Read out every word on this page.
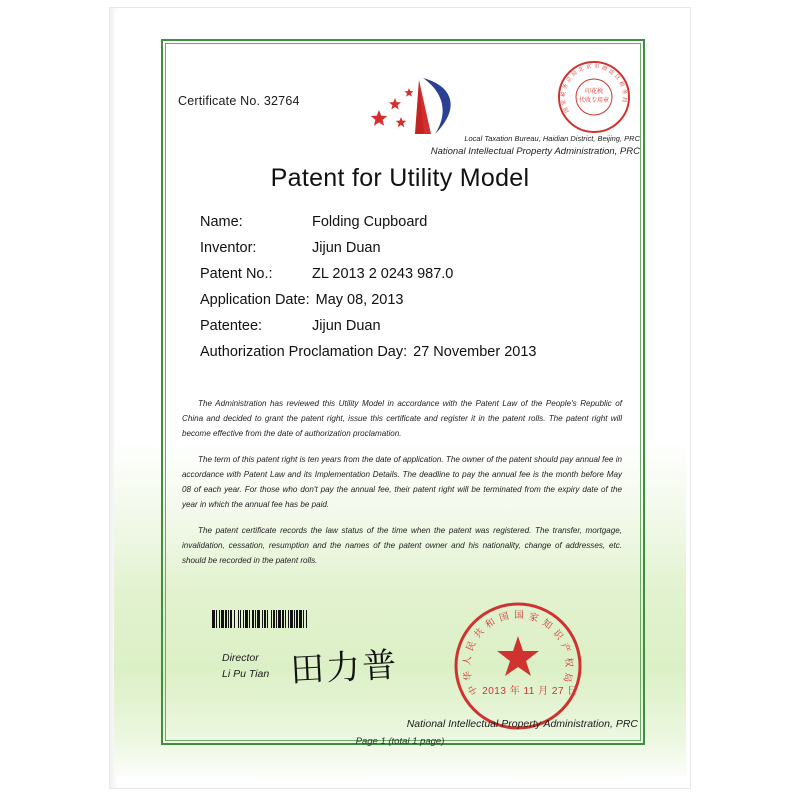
Certificate No. 32764
国
家
税
务
总
局
北 京 市 海 淀
区
税
务
局
印花税
代收专用章
Local Taxation Bureau, Haidian District, Beijing, PRC
National Intellectual Property Administration, PRC
Patent for Utility Model
Name:	Folding Cupboard
Inventor:	Jijun Duan
Patent No.:	ZL 2013 2 0243 987.0
Application Date: May 08, 2013
Patentee:	Jijun Duan
Authorization Proclamation Day: 27 November 2013
The Administration has reviewed this Utility Model in accordance with the Patent Law of the People's Republic of China and decided to grant the patent right, issue this certificate and register it in the patent rolls. The patent right will become effective from the date of authorization proclamation.
The term of this patent right is ten years from the date of application. The owner of the patent should pay annual fee in accordance with Patent Law and its Implementation Details. The deadline to pay the annual fee is the month before May 08 of each year. For those who don't pay the annual fee, their patent right will be terminated from the expiry date of the year in which the annual fee has be paid.
The patent certificate records the law status of the time when the patent was registered. The transfer, mortgage, invalidation, cessation, resumption and the names of the patent owner and his nationality, change of addresses, etc. should be recorded in the patent rolls.
Director
Li Pu Tian 田力普	中
华
人
民
共
和 国 国 家 知
识
产
权
局
2013 年 11 月 27 日
National Intellectual Property Administration, PRC
Page 1 (total 1 page)
